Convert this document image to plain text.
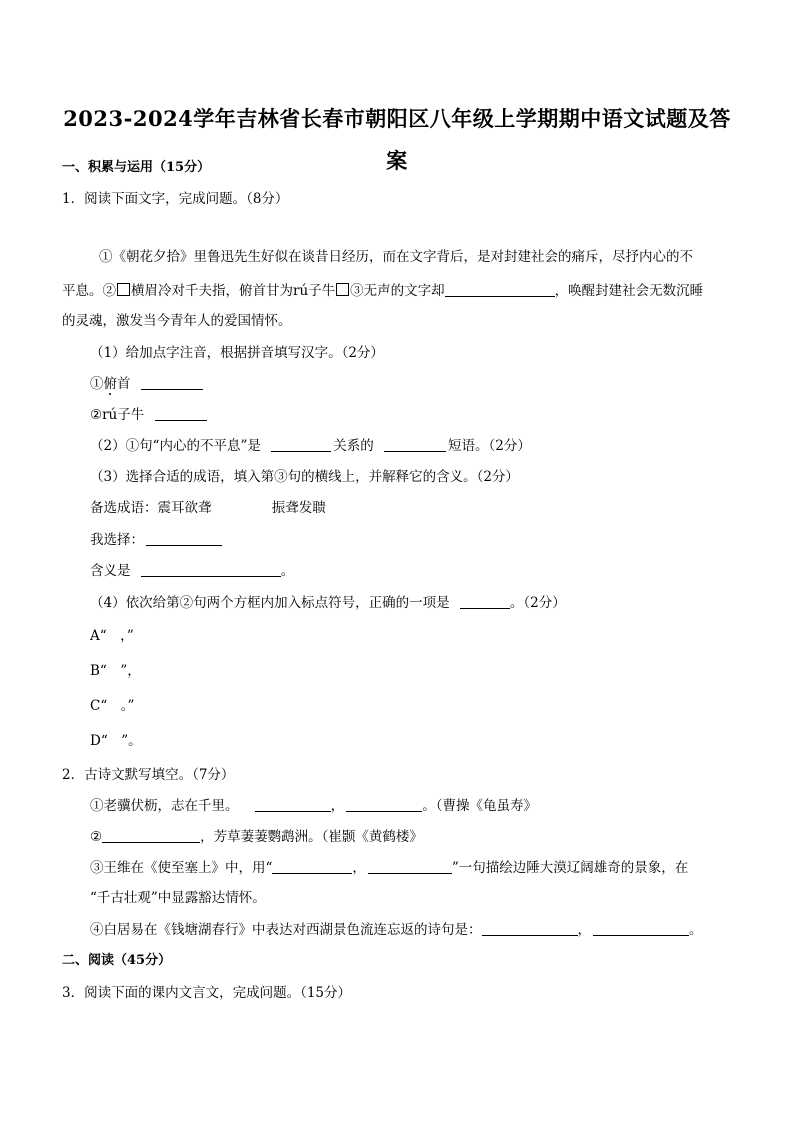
2023-2024学年吉林省长春市朝阳区八年级上学期期中语文试题及答
案
一、积累与运用（15分）
1．阅读下面文字，完成问题。（8分）
①《朝花夕拾》里鲁迅先生好似在谈昔日经历，而在文字背后，是对封建社会的痛斥，尽抒内心的不
平息。② 横眉冷对千夫指，俯首甘为rú子牛 ③无声的文字却	，唤醒封建社会无数沉睡
的灵魂，激发当今青年人的爱国情怀。
（1）给加点字注音，根据拼音填写汉字。（2分）
①俯首
②rú子牛
（2）①句“内心的不平息”是	关系的	短语。（2分）
（3）选择合适的成语，填入第③句的横线上，并解释它的含义。（2分）
备选成语：震耳欲聋	振聋发聩
我选择：
含义是	。
（4）依次给第②句两个方框内加入标点符号，正确的一项是	。（2分）
A“　，”
B“　”，
C“　。”
D“　”。
2．古诗文默写填空。（7分）
①老骥伏枥，志在千里。	，	。（曹操《龟虽寿》
②	，芳草萋萋鹦鹉洲。（崔颢《黄鹤楼》
③王维在《使至塞上》中，用“	，	”一句描绘边陲大漠辽阔雄奇的景象，在
“千古壮观”中显露豁达情怀。
④白居易在《钱塘湖春行》中表达对西湖景色流连忘返的诗句是：	，	。
二、阅读（45分）
3．阅读下面的课内文言文，完成问题。（15分）
